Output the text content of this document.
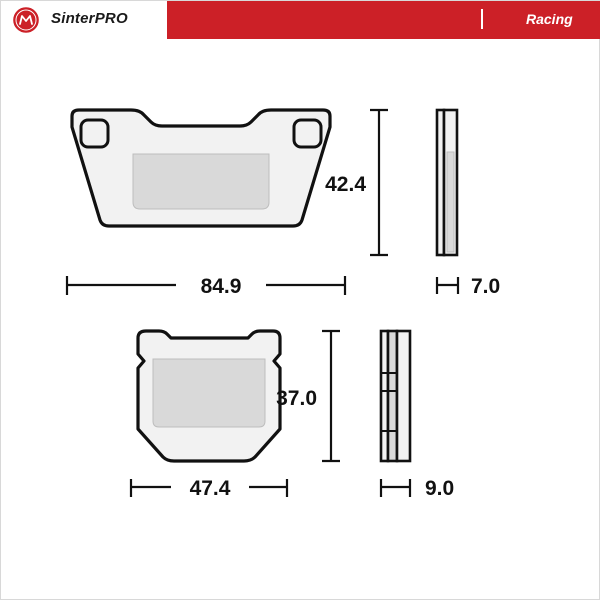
SinterPRO	Racing
42.4
7.0
84.9
37.0
47.4	9.0
